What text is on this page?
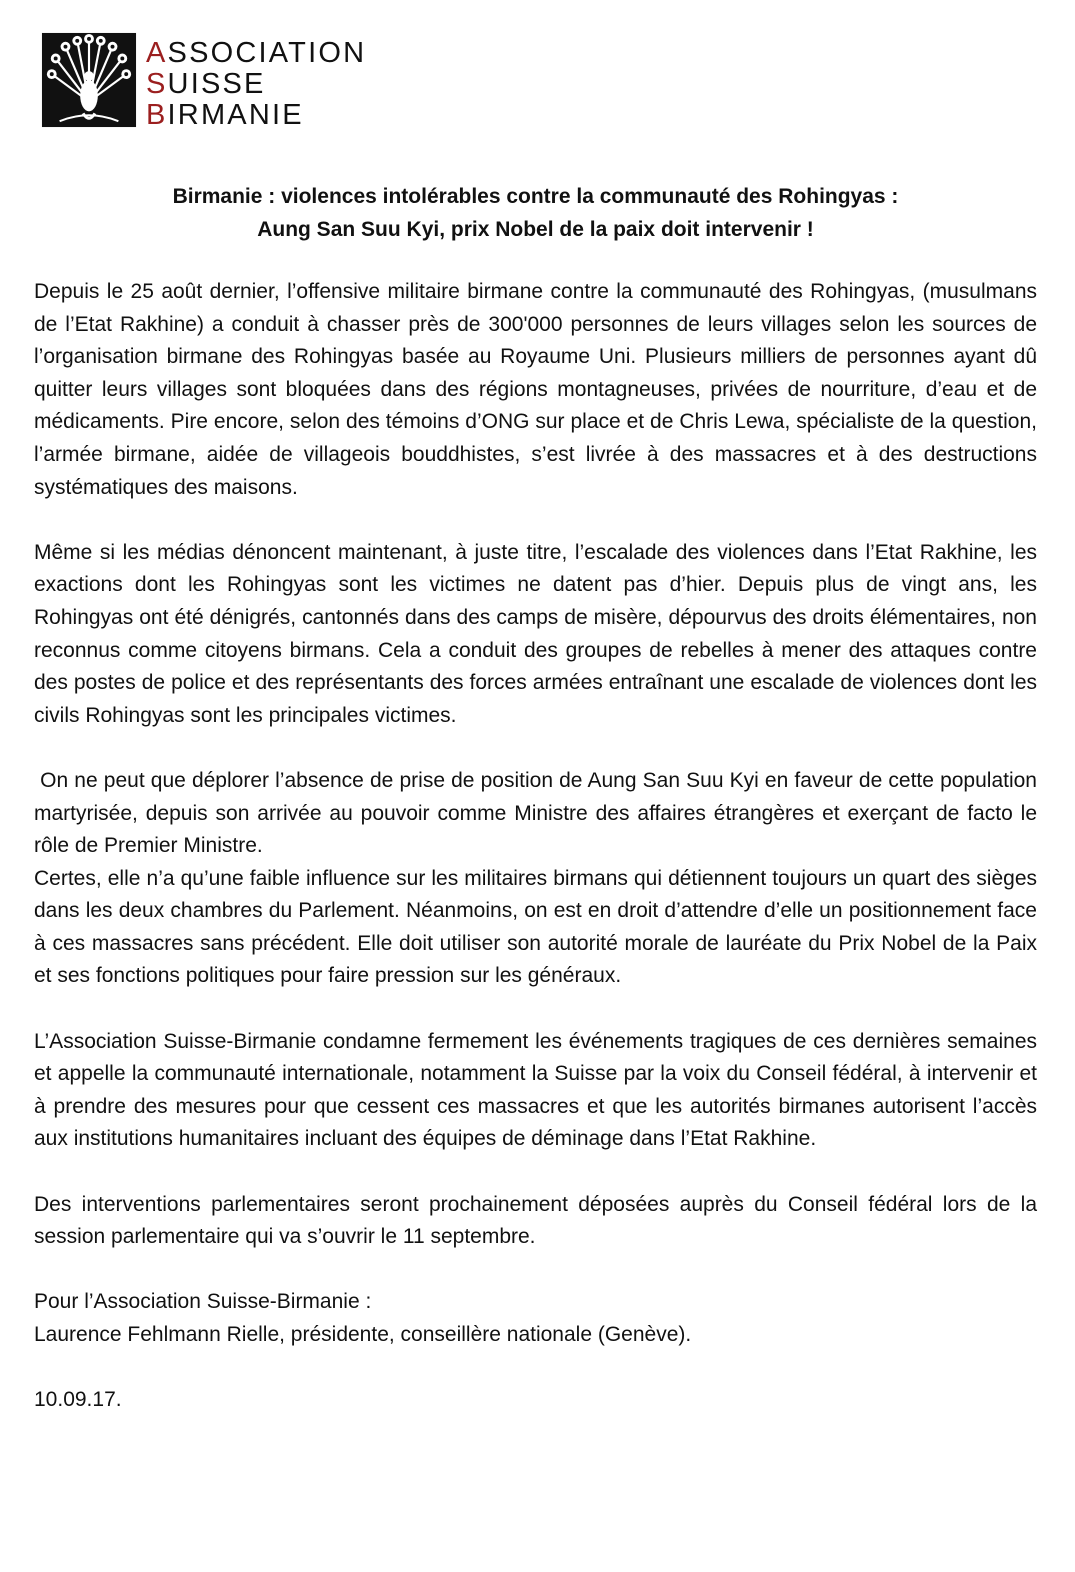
ASSOCIATION
SUISSE
BIRMANIE
Birmanie : violences intolérables contre la communauté des Rohingyas :
Aung San Suu Kyi, prix Nobel de la paix doit intervenir !

Depuis le 25 août dernier, l’offensive militaire birmane contre la communauté des Rohingyas, (musulmans de l’Etat Rakhine) a conduit à chasser près de 300'000 personnes de leurs villages selon les sources de l’organisation birmane des Rohingyas basée au Royaume Uni. Plusieurs milliers de personnes ayant dû quitter leurs villages sont bloquées dans des régions montagneuses, privées de nourriture, d’eau et de médicaments. Pire encore, selon des témoins d’ONG sur place et de Chris Lewa, spécialiste de la question, l’armée birmane, aidée de villageois bouddhistes, s’est livrée à des massacres et à des destructions systématiques des maisons.

Même si les médias dénoncent maintenant, à juste titre, l’escalade des violences dans l’Etat Rakhine, les exactions dont les Rohingyas sont les victimes ne datent pas d’hier. Depuis plus de vingt ans, les Rohingyas ont été dénigrés, cantonnés dans des camps de misère, dépourvus des droits élémentaires, non reconnus comme citoyens birmans. Cela a conduit des groupes de rebelles à mener des attaques contre des postes de police et des représentants des forces armées entraînant une escalade de violences dont les civils Rohingyas sont les principales victimes.

On ne peut que déplorer l’absence de prise de position de Aung San Suu Kyi en faveur de cette population martyrisée, depuis son arrivée au pouvoir comme Ministre des affaires étrangères et exerçant de facto le rôle de Premier Ministre.

Certes, elle n’a qu’une faible influence sur les militaires birmans qui détiennent toujours un quart des sièges dans les deux chambres du Parlement. Néanmoins, on est en droit d’attendre d’elle un positionnement face à ces massacres sans précédent. Elle doit utiliser son autorité morale de lauréate du Prix Nobel de la Paix et ses fonctions politiques pour faire pression sur les généraux.

L’Association Suisse-Birmanie condamne fermement les événements tragiques de ces dernières semaines et appelle la communauté internationale, notamment la Suisse par la voix du Conseil fédéral, à intervenir et à prendre des mesures pour que cessent ces massacres et que les autorités birmanes autorisent l’accès aux institutions humanitaires incluant des équipes de déminage dans l’Etat Rakhine.

Des interventions parlementaires seront prochainement déposées auprès du Conseil fédéral lors de la session parlementaire qui va s’ouvrir le 11 septembre.

Pour l’Association Suisse-Birmanie :

Laurence Fehlmann Rielle, présidente, conseillère nationale (Genève).

10.09.17.
